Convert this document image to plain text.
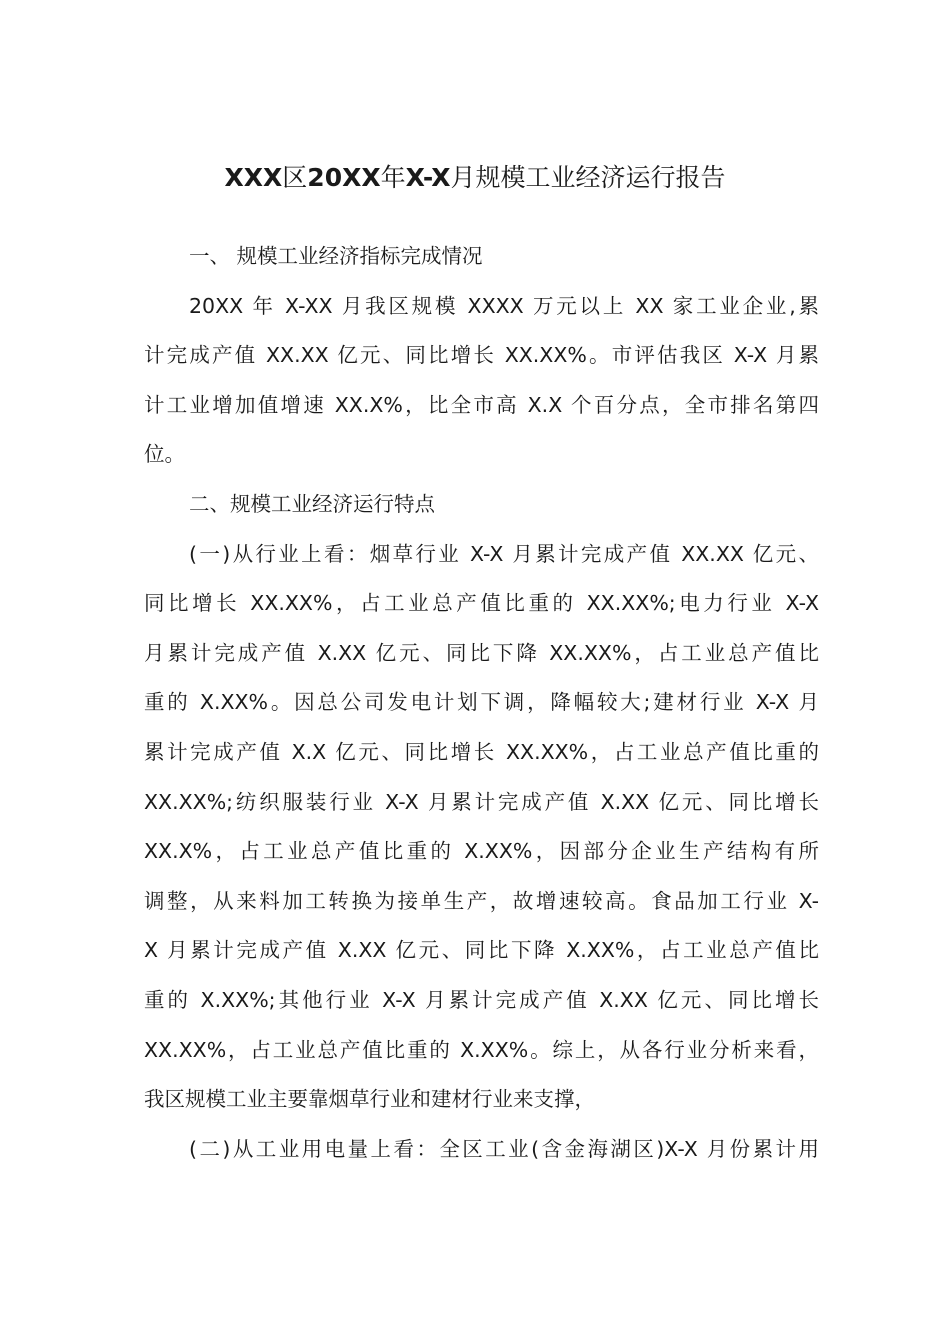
XXX区20XX年X-X月规模工业经济运行报告

一、 规模工业经济指标完成情况

20XX 年 X-XX 月我区规模 XXXX 万元以上 XX 家工业企业,累

计完成产值 XX.XX 亿元、同比增长 XX.XX%。市评估我区 X-X 月累

计工业增加值增速 XX.X%，比全市高 X.X 个百分点，全市排名第四

位。

二、规模工业经济运行特点

(一)从行业上看：烟草行业 X-X 月累计完成产值 XX.XX 亿元、

同比增长 XX.XX%，占工业总产值比重的 XX.XX%;电力行业 X-X

月累计完成产值 X.XX 亿元、同比下降 XX.XX%，占工业总产值比

重的 X.XX%。因总公司发电计划下调，降幅较大;建材行业 X-X 月

累计完成产值 X.X 亿元、同比增长 XX.XX%，占工业总产值比重的

XX.XX%;纺织服装行业 X-X 月累计完成产值 X.XX 亿元、同比增长

XX.X%，占工业总产值比重的 X.XX%，因部分企业生产结构有所

调整，从来料加工转换为接单生产，故增速较高。食品加工行业 X-

X 月累计完成产值 X.XX 亿元、同比下降 X.XX%，占工业总产值比

重的 X.XX%;其他行业 X-X 月累计完成产值 X.XX 亿元、同比增长

XX.XX%，占工业总产值比重的 X.XX%。综上，从各行业分析来看，

我区规模工业主要靠烟草行业和建材行业来支撑，

(二)从工业用电量上看：全区工业(含金海湖区)X-X 月份累计用
